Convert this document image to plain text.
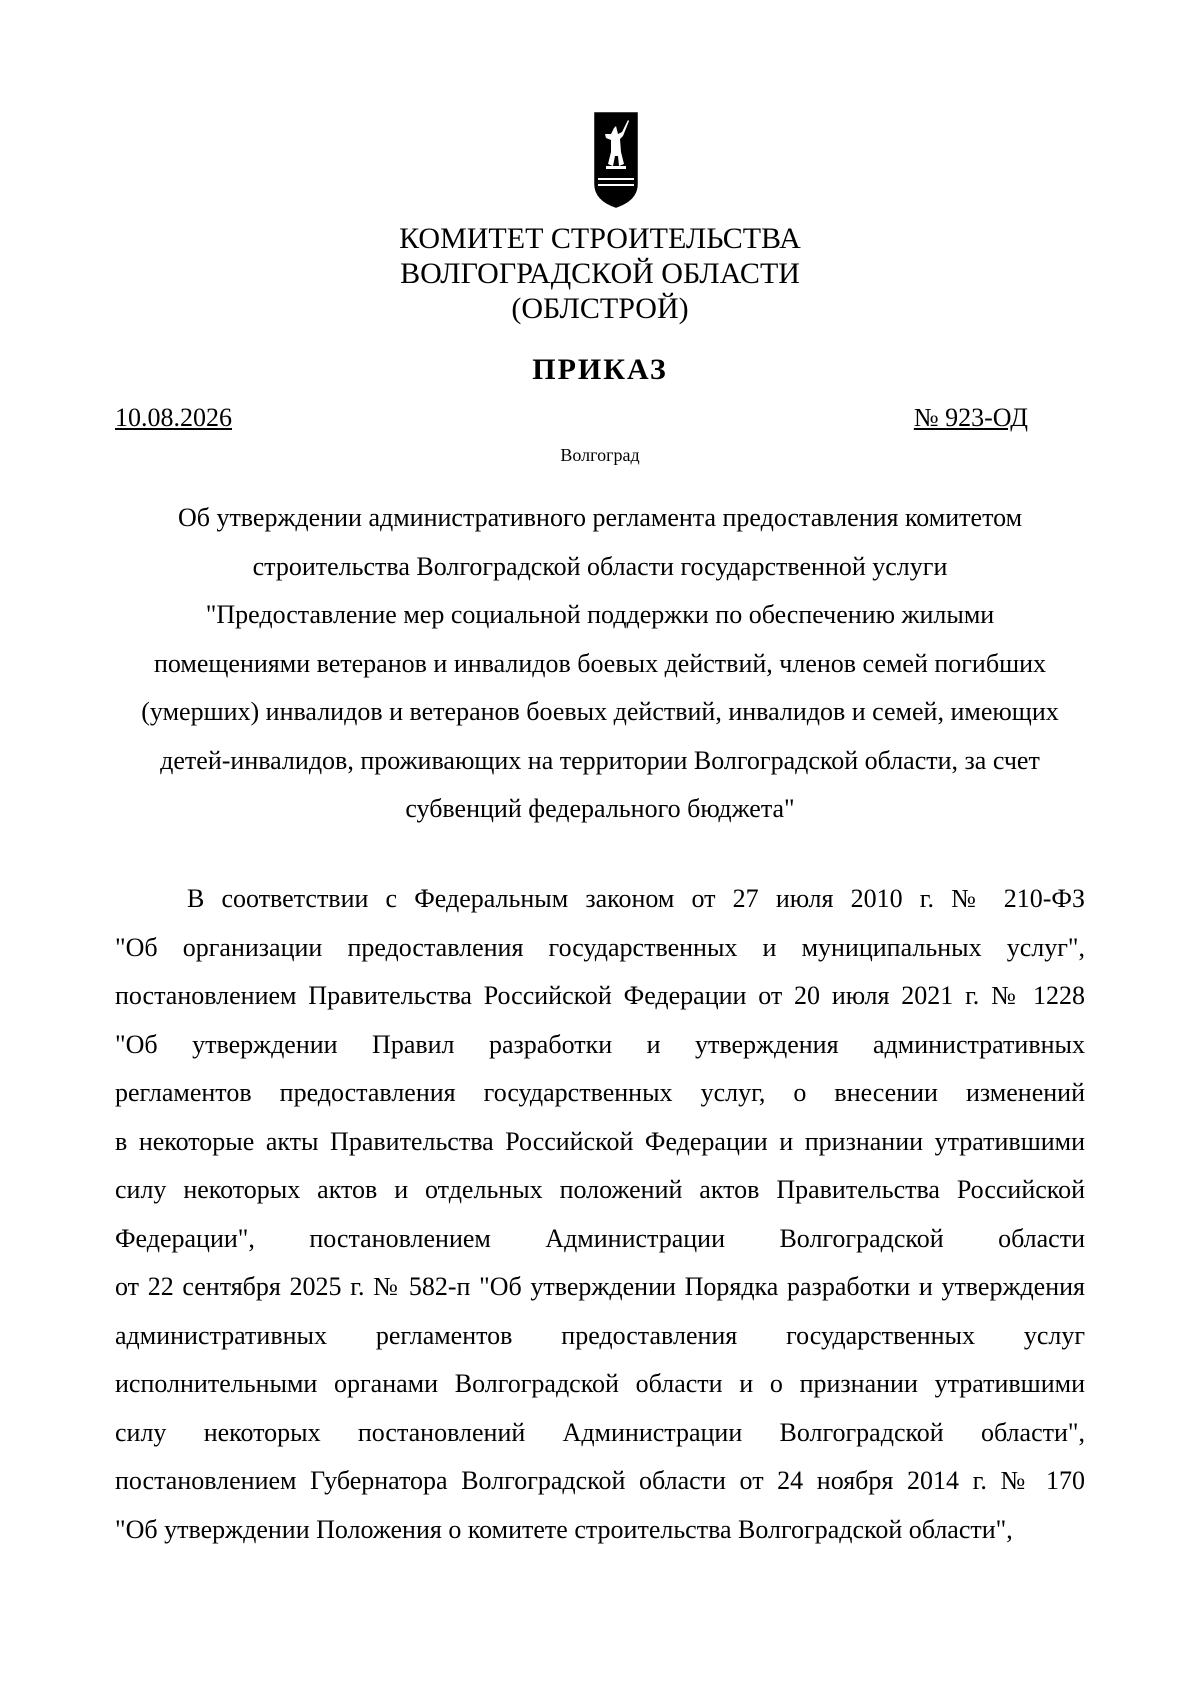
КОМИТЕТ СТРОИТЕЛЬСТВА
ВОЛГОГРАДСКОЙ ОБЛАСТИ
(ОБЛСТРОЙ)
ПРИКАЗ
10.08.2026	№ 923-ОД
Волгоград
Об утверждении административного регламента предоставления комитетом
строительства Волгоградской области государственной услуги
"Предоставление мер социальной поддержки по обеспечению жилыми
помещениями ветеранов и инвалидов боевых действий, членов семей погибших
(умерших) инвалидов и ветеранов боевых действий, инвалидов и семей, имеющих
детей-инвалидов, проживающих на территории Волгоградской области, за счет
субвенций федерального бюджета"
В соответствии с Федеральным законом от 27 июля 2010 г. № 210-ФЗ
"Об организации предоставления государственных и муниципальных услуг",
постановлением Правительства Российской Федерации от 20 июля 2021 г. № 1228
"Об утверждении Правил разработки и утверждения административных
регламентов предоставления государственных услуг, о внесении изменений
в некоторые акты Правительства Российской Федерации и признании утратившими
силу некоторых актов и отдельных положений актов Правительства Российской
Федерации", постановлением Администрации Волгоградской области
от 22 сентября 2025 г. № 582-п "Об утверждении Порядка разработки и утверждения
административных регламентов предоставления государственных услуг
исполнительными органами Волгоградской области и о признании утратившими
силу некоторых постановлений Администрации Волгоградской области",
постановлением Губернатора Волгоградской области от 24 ноября 2014 г. № 170
"Об утверждении Положения о комитете строительства Волгоградской области",
